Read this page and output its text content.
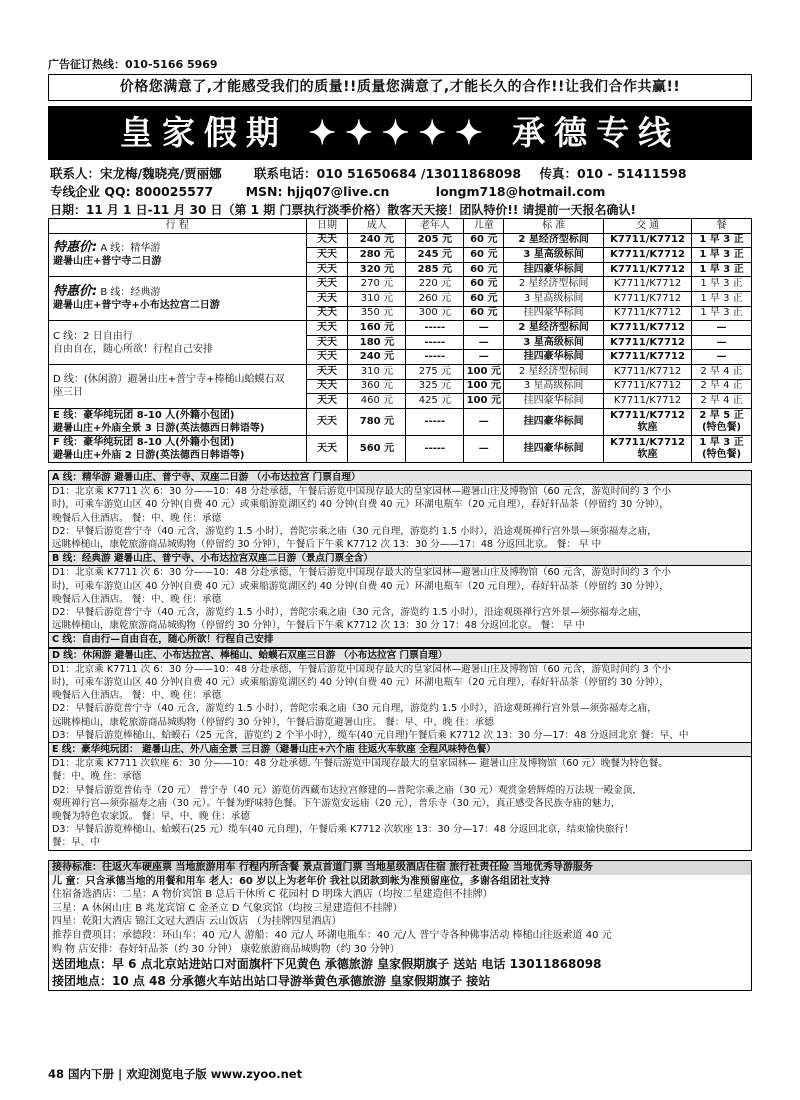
广告征订热线：010-5166 5969
价格您满意了,才能感受我们的质量!!质量您满意了,才能长久的合作!!让我们合作共赢!!
皇家假期 ✦✦✦✦✦ 承德专线
联系人：宋龙梅/魏晓亮/贾丽娜	联系电话：010 51650684 /13011868098 传真：010 - 51411598
专线企业 QQ: 800025577	MSN: hjjq07@live.cn	longm718@hotmail.com
日期：11 月 1 日-11 月 30 日（第 1 期 门票执行淡季价格）散客天天接！团队特价!! 请提前一天报名确认!
行 程	日期	成人	老年人	儿童	标 准	交 通	餐
特惠价: A 线：精华游
避暑山庄+普宁寺二日游	天天	240 元	205 元	60 元	2 星经济型标间	K7711/K7712	1 早 3 正
	天天	280 元	245 元	60 元	3 星高级标间	K7711/K7712	1 早 3 正
	天天	320 元	285 元	60 元	挂四豪华标间	K7711/K7712	1 早 3 正
特惠价: B 线：经典游
避暑山庄+普宁寺+小布达拉宫二日游	天天	270 元	220 元	60 元	2 星经济型标间	K7711/K7712	1 早 3 正
	天天	310 元	260 元	60 元	3 星高级标间	K7711/K7712	1 早 3 正
	天天	350 元	300 元	60 元	挂四豪华标间	K7711/K7712	1 早 3 正
C 线：2 日自由行
自由自在，随心所欲！行程自己安排	天天	160 元	-----	—	2 星经济型标间	K7711/K7712	—
	天天	180 元	-----	—	3 星高级标间	K7711/K7712	—
	天天	240 元	-----	—	挂四豪华标间	K7711/K7712	—
D 线：(休闲游）避暑山庄+普宁寺+棒槌山蛤蟆石双
座三日	天天	310 元	275 元	100 元	2 星经济型标间	K7711/K7712	2 早 4 正
	天天	360 元	325 元	100 元	3 星高级标间	K7711/K7712	2 早 4 正
	天天	460 元	425 元	100 元	挂四豪华标间	K7711/K7712	2 早 4 正
E 线：豪华纯玩团 8-10 人(外籍小包团)
避暑山庄+外庙全景 3 日游(英法德西日韩语等)	天天	780 元	-----	—	挂四豪华标间	K7711/K7712 软座	2 早 5 正 (特色餐)
F 线：豪华纯玩团 8-10 人(外籍小包团)
避暑山庄+外庙 2 日游(英法德西日韩语等)	天天	560 元	-----	—	挂四豪华标间	K7711/K7712 软座	1 早 3 正 (特色餐)
A 线：精华游 避暑山庄、普宁寺、双座二日游 （小布达拉宫 门票自理）
D1：北京乘 K7711 次 6：30 分——10：48 分赴承德，午餐后游览中国现存最大的皇家园林—避暑山庄及博物馆（60 元含，游览时间约 3 个小
时)，可乘车游览山区 40 分钟(自费 40 元）或乘船游览湖区约 40 分钟(自费 40 元）环湖电瓶车（20 元自理），春好轩品茶（停留约 30 分钟），
晚餐后入住酒店。 餐：中、晚 住：承德
D2：早餐后游览普宁寺（40 元含，游览约 1.5 小时），普陀宗乘之庙（30 元自理，游览约 1.5 小时），沿途观斑禅行宫外景—须弥福寿之庙，
远眺棒槌山，康乾旅游商品城购物（停留约 30 分钟），午餐后下午乘 K7712 次 13：30 分——17：48 分返回北京。 餐： 早 中
B 线：经典游 避暑山庄、普宁寺、小布达拉宫双座二日游（景点门票全含）
D1：北京乘 K7711 次 6：30 分——10：48 分赴承德，午餐后游览中国现存最大的皇家园林—避暑山庄及博物馆（60 元含，游览时间约 3 个小
时)，可乘车游览山区 40 分钟(自费 40 元）或乘船游览湖区约 40 分钟(自费 40 元）环湖电瓶车（20 元自理），春好轩品茶（停留约 30 分钟），
晚餐后入住酒店。 餐：中、晚 住：承德
D2：早餐后游览普宁寺（40 元含，游览约 1.5 小时），普陀宗乘之庙（30 元含，游览约 1.5 小时），沿途观斑禅行宫外景—须弥福寿之庙，
远眺棒槌山，康乾旅游商品城购物（停留约 30 分钟），午餐后下午乘 K7712 次 13：30 分 17：48 分返回北京。 餐： 早 中
C 线：自由行—自由自在，随心所欲！行程自己安排
D 线：休闲游 避暑山庄、小布达拉宫、棒槌山、蛤蟆石双座三日游 （小布达拉宫 门票自理）
D1：北京乘 K7711 次 6：30 分——10：48 分赴承德，午餐后游览中国现存最大的皇家园林—避暑山庄及博物馆（60 元含，游览时间约 3 个小
时)，可乘车游览山区 40 分钟(自费 40 元）或乘船游览湖区约 40 分钟(自费 40 元）环湖电瓶车（20 元自理），春好轩品茶（停留约 30 分钟），
晚餐后入住酒店。 餐：中、晚 住：承德
D2：早餐后游览普宁寺（40 元含，游览约 1.5 小时），普陀宗乘之庙（30 元自理，游览约 1.5 小时），沿途观斑禅行宫外景—须弥福寿之庙，
远眺棒槌山，康乾旅游商品城购物（停留约 30 分钟），午餐后游览避暑山庄。 餐：早、中、晚 住：承德
D3：早餐后游览棒槌山、蛤蟆石（25 元含，游览约 2 个半小时），缆车(40 元自理)午餐后乘 K7712 次 13：30 分—17：48 分返回北京 餐：早、中
E 线：豪华纯玩团： 避暑山庄、外八庙全景 三日游（避暑山庄+六个庙 往返火车软座 全程风味特色餐）
D1：北京乘 K7711 次软座 6：30 分——10：48 分赴承德. 午餐后游览中国现存最大的皇家园林— 避暑山庄及博物馆（60 元）晚餐为特色餐。
餐：中、晚 住：承德
D2：早餐后游览普佑寺（20 元） 普宁寺（40 元）游览仿西藏布达拉宫修建的—普陀宗乘之庙（30 元）观赏金碧辉煌的万法规一殿金顶，
观班禅行宫—须弥福寿之庙（30 元）。午餐为野味特色餐。下午游览安远庙（20 元），普乐寺（30 元），真正感受各民族寺庙的魅力，
晚餐为特色农家饭。 餐：早、中、晚 住：承德
D3：早餐后游览棒槌山、蛤蟆石(25 元）缆车(40 元自理)，午餐后乘 K7712 次软座 13：30 分—17：48 分返回北京，结束愉快旅行！
餐：早、中
接待标准：往返火车硬座票 当地旅游用车 行程内所含餐 景点首道门票 当地星级酒店住宿 旅行社责任险 当地优秀导游服务
儿 童：只含承德当地的用餐和用车 老人：60 岁以上为老年价 我社以团款到帐为准预留座位，多谢各组团社支持
住宿备选酒店：二星：A 物价宾馆 B 总后干休所 C 花园村 D 明珠大酒店（均按二星建造但不挂牌）
三星：A 休闲山庄 B 兆龙宾馆 C 金圣立 D 气象宾馆（均按三星建造但不挂牌）
四星：乾阳大酒店 锦江文冠大酒店 云山饭店 （为挂牌四星酒店）
推荐自费项目：承德段：环山车：40 元/人 游船：40 元/人 环湖电瓶车：40 元/人 普宁寺各种佛事活动 棒槌山往返索道 40 元
购 物 店安排：春好轩品茶（约 30 分钟） 康乾旅游商品城购物（约 30 分钟）
送团地点：早 6 点北京站进站口对面旗杆下见黄色 承德旅游 皇家假期旗子 送站 电话 13011868098
接团地点：10 点 48 分承德火车站出站口导游举黄色承德旅游 皇家假期旗子 接站
48 国内下册 | 欢迎浏览电子版 www.zyoo.net
